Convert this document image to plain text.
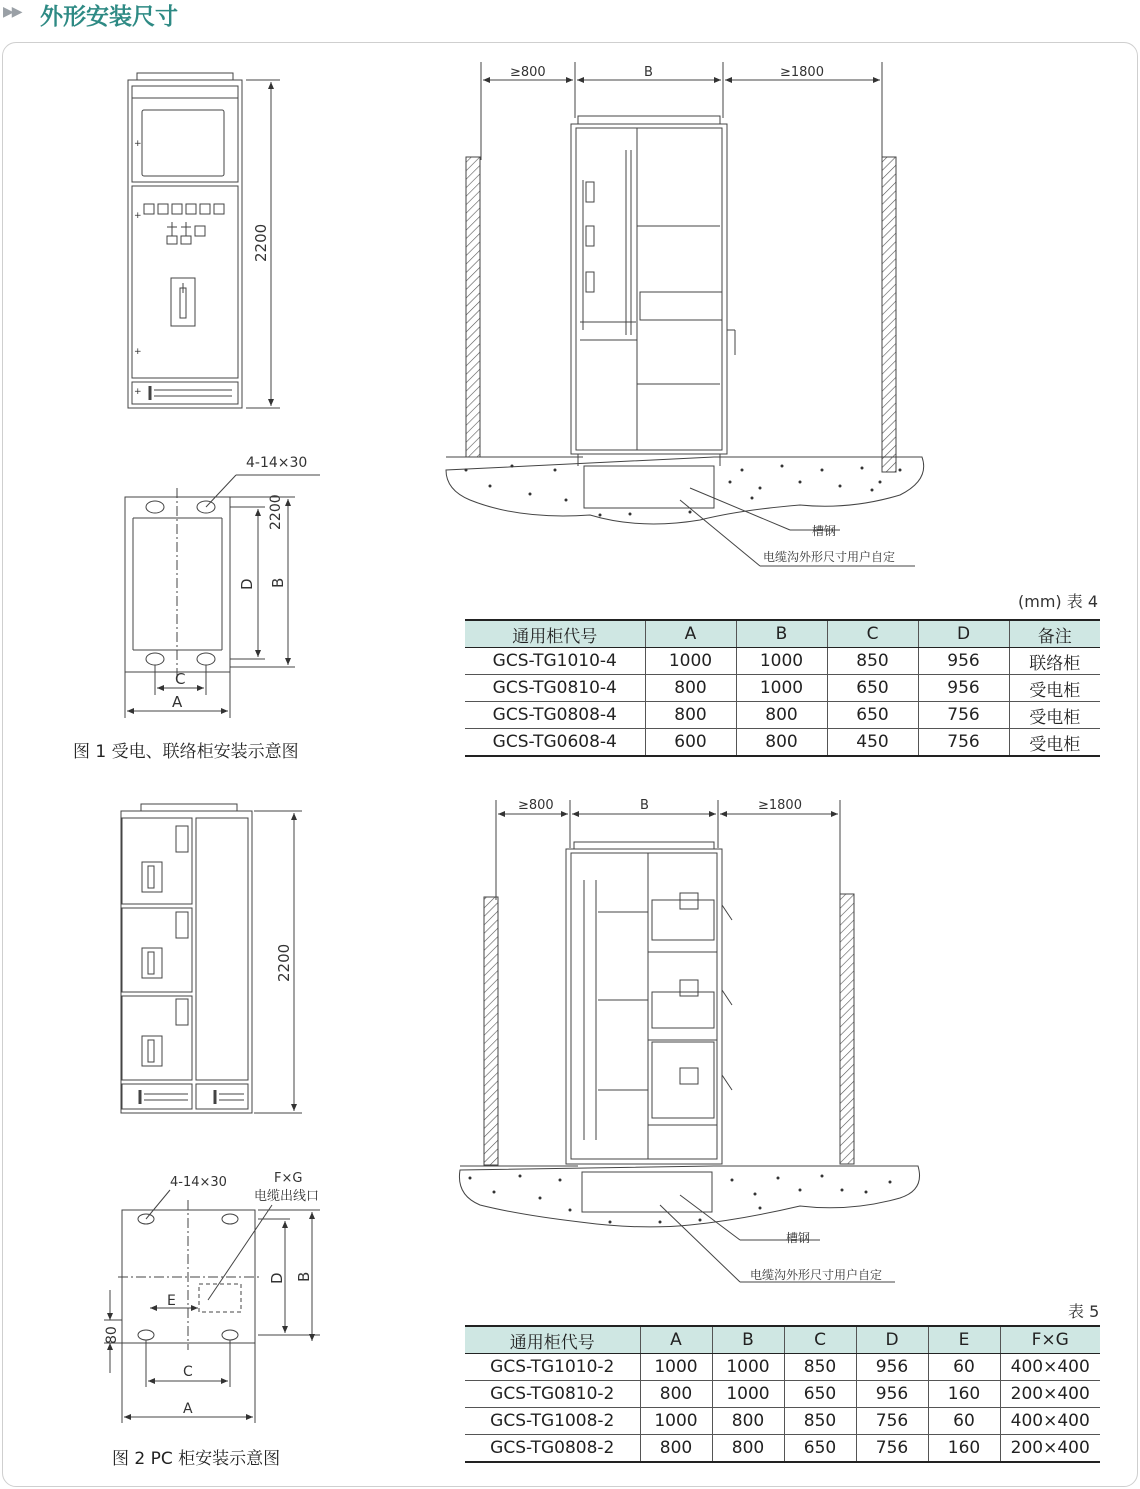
▶▶ 外形安装尺寸
+
+
+
+
2200
4-14×30
2200
D B
C
A
≥800	B	≥1800
槽钢
电缆沟外形尺寸用户自定
2200
4-14×30	F×G
电缆出线口
D B
E
80
C
A
≥800	B	≥1800
槽钢
电缆沟外形尺寸用户自定
图 1 受电、联络柜安装示意图
图 2 PC 柜安装示意图
(mm) 表 4
通用柜代号	A	B	C	D	备注
GCS-TG1010-4	1000	1000	850	956	联络柜
GCS-TG0810-4	800	1000	650	956	受电柜
GCS-TG0808-4	800	800	650	756	受电柜
GCS-TG0608-4	600	800	450	756	受电柜
表 5
通用柜代号	A	B	C	D	E	F×G
GCS-TG1010-2	1000	1000	850	956	60	400×400
GCS-TG0810-2	800	1000	650	956	160	200×400
GCS-TG1008-2	1000	800	850	756	60	400×400
GCS-TG0808-2	800	800	650	756	160	200×400
